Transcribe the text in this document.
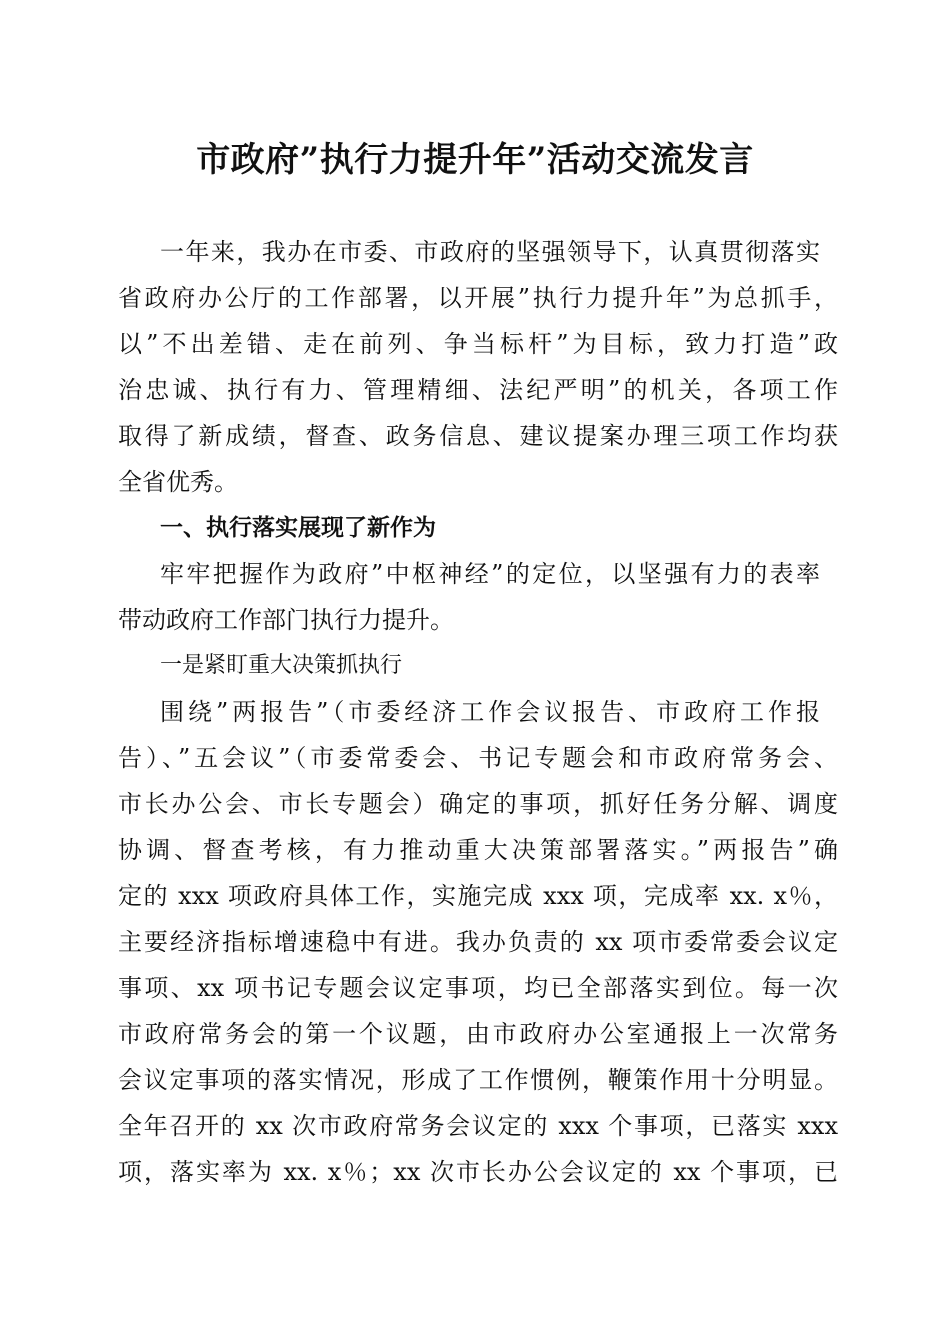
市政府”执行力提升年”活动交流发言
一年来，我办在市委、市政府的坚强领导下，认真贯彻落实
省政府办公厅的工作部署，以开展”执行力提升年”为总抓手，
以”不出差错、走在前列、争当标杆”为目标，致力打造”政
治忠诚、执行有力、管理精细、法纪严明”的机关，各项工作
取得了新成绩，督查、政务信息、建议提案办理三项工作均获
全省优秀。
一、执行落实展现了新作为
牢牢把握作为政府”中枢神经”的定位，以坚强有力的表率
带动政府工作部门执行力提升。
一是紧盯重大决策抓执行
围绕”两报告”（市委经济工作会议报告、市政府工作报
告）、”五会议”（市委常委会、书记专题会和市政府常务会、
市长办公会、市长专题会）确定的事项，抓好任务分解、调度
协调、督查考核，有力推动重大决策部署落实。”两报告”确
定的 xxx 项政府具体工作，实施完成 xxx 项，完成率 xx. x％，
主要经济指标增速稳中有进。我办负责的 xx 项市委常委会议定
事项、xx 项书记专题会议定事项，均已全部落实到位。每一次
市政府常务会的第一个议题，由市政府办公室通报上一次常务
会议定事项的落实情况，形成了工作惯例，鞭策作用十分明显。
全年召开的 xx 次市政府常务会议定的 xxx 个事项，已落实 xxx
项，落实率为 xx. x％；xx 次市长办公会议定的 xx 个事项，已
